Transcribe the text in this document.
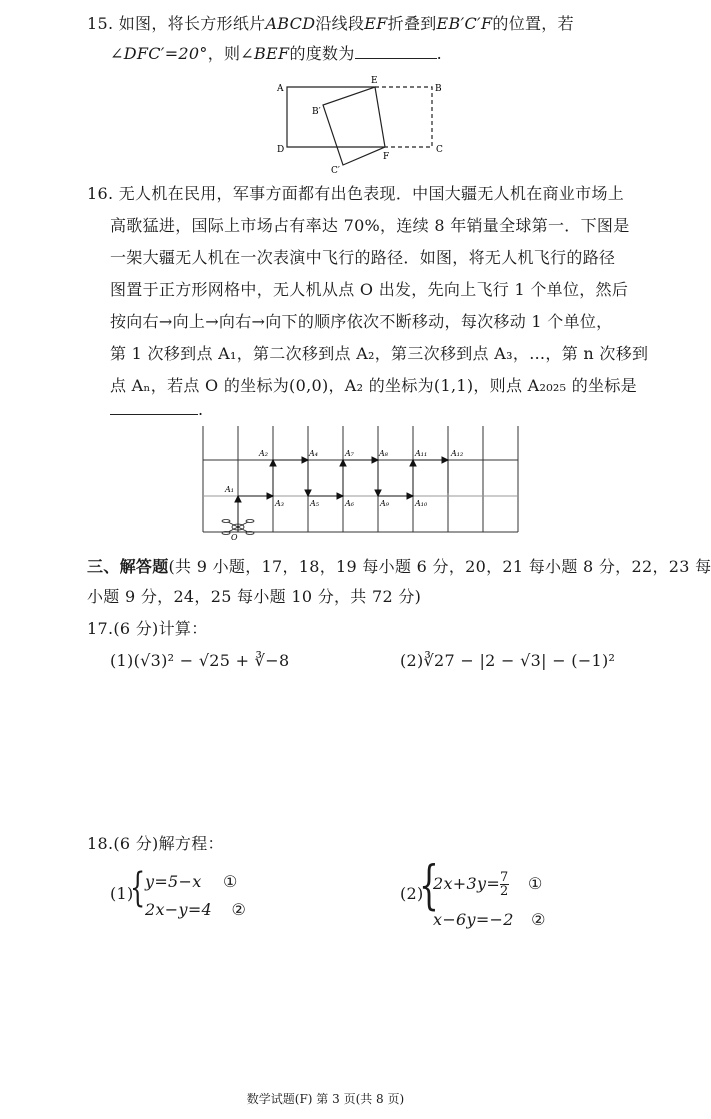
15. 如图，将长方形纸片ABCD沿线段EF折叠到EB′C′F的位置，若
∠DFC′=20°，则∠BEF的度数为	.
A
E
B
B′
D
F
C
C′
16. 无人机在民用，军事方面都有出色表现．中国大疆无人机在商业市场上
高歌猛进，国际上市场占有率达 70%，连续 8 年销量全球第一．下图是
一架大疆无人机在一次表演中飞行的路径．如图，将无人机飞行的路径
图置于正方形网格中，无人机从点 O 出发，先向上飞行 1 个单位，然后
按向右→向上→向右→向下的顺序依次不断移动，每次移动 1 个单位，
第 1 次移到点 A₁，第二次移到点 A₂，第三次移到点 A₃，…，第 n 次移到
点 Aₙ，若点 O 的坐标为(0,0)，A₂ 的坐标为(1,1)，则点 A₂₀₂₅ 的坐标是
.
A₂	A₄	A₇	A₈	A₁₁	A₁₂
A₁
A₃	A₅	A₆	A₉	A₁₀
O
三、解答题(共 9 小题，17，18，19 每小题 6 分，20，21 每小题 8 分，22，23 每
小题 9 分，24，25 每小题 10 分，共 72 分)
17.(6 分)计算：
(1)(√3)² − √25 + ∛−8	(2)∛27 − |2 − √3| − (−1)²
18.(6 分)解方程：
(1)
{ y=5−x ①
2x−y=4 ②
(2)
{
$2x+3y= \frac{7}{2}$ ①
x−6y=−2 ②
数学试题(F) 第 3 页(共 8 页)
